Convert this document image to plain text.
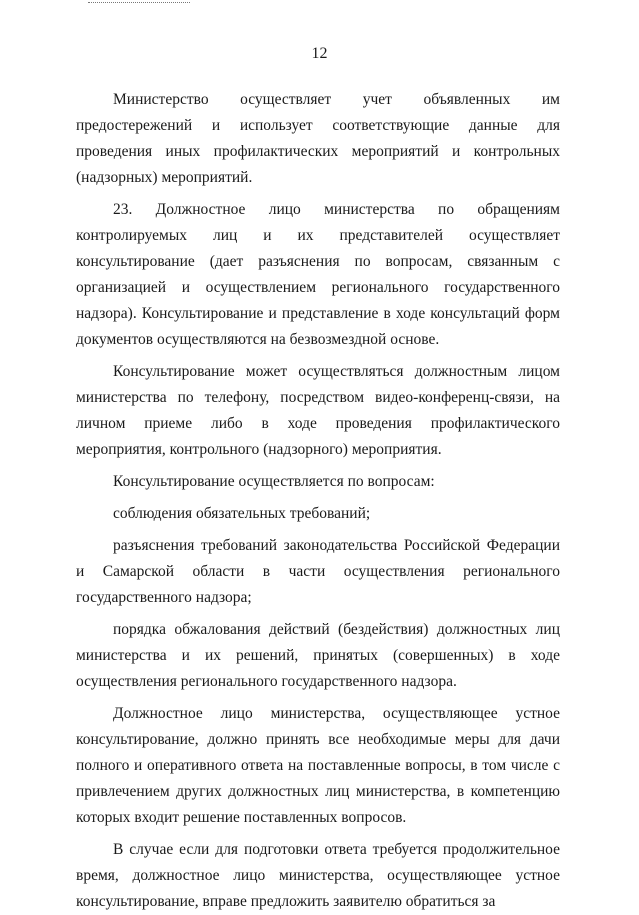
12

Министерство осуществляет учет объявленных им предостережений и использует соответствующие данные для проведения иных профилактических мероприятий и контрольных (надзорных) мероприятий.

23. Должностное лицо министерства по обращениям контролируемых лиц и их представителей осуществляет консультирование (дает разъяснения по вопросам, связанным с организацией и осуществлением регионального государственного надзора). Консультирование и представление в ходе консультаций форм документов осуществляются на безвозмездной основе.

Консультирование может осуществляться должностным лицом министерства по телефону, посредством видео-конференц-связи, на личном приеме либо в ходе проведения профилактического мероприятия, контрольного (надзорного) мероприятия.

Консультирование осуществляется по вопросам:

соблюдения обязательных требований;

разъяснения требований законодательства Российской Федерации и Самарской области в части осуществления регионального государственного надзора;

порядка обжалования действий (бездействия) должностных лиц министерства и их решений, принятых (совершенных) в ходе осуществления регионального государственного надзора.

Должностное лицо министерства, осуществляющее устное консультирование, должно принять все необходимые меры для дачи полного и оперативного ответа на поставленные вопросы, в том числе с привлечением других должностных лиц министерства, в компетенцию которых входит решение поставленных вопросов.

В случае если для подготовки ответа требуется продолжительное время, должностное лицо министерства, осуществляющее устное консультирование, вправе предложить заявителю обратиться за
